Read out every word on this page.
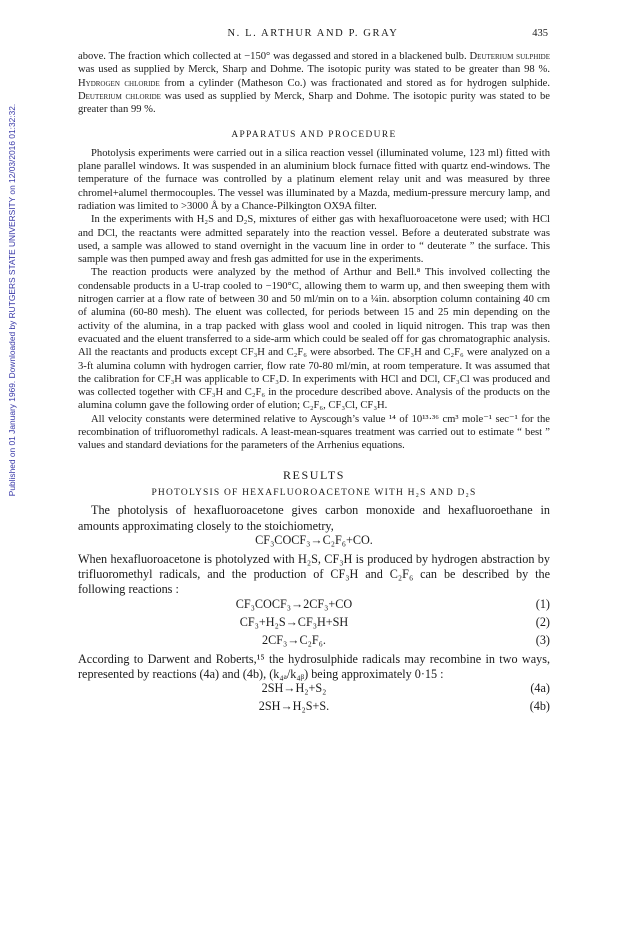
Published on 01 January 1969. Downloaded by RUTGERS STATE UNIVERSITY on 12/03/2016 01:32:32.
N. L. ARTHUR AND P. GRAY	435

above. The fraction which collected at −150° was degassed and stored in a blackened bulb. Deuterium sulphide was used as supplied by Merck, Sharp and Dohme. The isotopic purity was stated to be greater than 98 %. Hydrogen chloride from a cylinder (Matheson Co.) was fractionated and stored as for hydrogen sulphide. Deuterium chloride was used as supplied by Merck, Sharp and Dohme. The isotopic purity was stated to be greater than 99 %.

APPARATUS AND PROCEDURE

Photolysis experiments were carried out in a silica reaction vessel (illuminated volume, 123 ml) fitted with plane parallel windows. It was suspended in an aluminium block furnace fitted with quartz end-windows. The temperature of the furnace was controlled by a platinum element relay unit and was measured by three chromel+alumel thermocouples. The vessel was illuminated by a Mazda, medium-pressure mercury lamp, and radiation was limited to >3000 Å by a Chance-Pilkington OX9A filter.

In the experiments with H₂S and D₂S, mixtures of either gas with hexafluoroacetone were used; with HCl and DCl, the reactants were admitted separately into the reaction vessel. Before a deuterated substrate was used, a sample was allowed to stand overnight in the vacuum line in order to “ deuterate ” the surface. This sample was then pumped away and fresh gas admitted for use in the experiments.

The reaction products were analyzed by the method of Arthur and Bell.⁸ This involved collecting the condensable products in a U-trap cooled to −190°C, allowing them to warm up, and then sweeping them with nitrogen carrier at a flow rate of between 30 and 50 ml/min on to a ¼in. absorption column containing 40 cm of alumina (60-80 mesh). The eluent was collected, for periods between 15 and 25 min depending on the activity of the alumina, in a trap packed with glass wool and cooled in liquid nitrogen. This trap was then evacuated and the eluent transferred to a side-arm which could be sealed off for gas chromatographic analysis. All the reactants and products except CF₃H and C₂F₆ were absorbed. The CF₃H and C₂F₆ were analyzed on a 3-ft alumina column with hydrogen carrier, flow rate 70-80 ml/min, at room temperature. It was assumed that the calibration for CF₃H was applicable to CF₃D. In experiments with HCl and DCl, CF₃Cl was produced and was collected together with CF₃H and C₂F₆ in the procedure described above. Analysis of the products on the alumina column gave the following order of elution; C₂F₆, CF₃Cl, CF₃H.

All velocity constants were determined relative to Ayscough’s value ¹⁴ of 10¹³·³⁶ cm³ mole⁻¹ sec⁻¹ for the recombination of trifluoromethyl radicals. A least-mean-squares treatment was carried out to estimate “ best ” values and standard deviations for the parameters of the Arrhenius equations.

RESULTS

PHOTOLYSIS OF HEXAFLUOROACETONE WITH H₂S AND D₂S

The photolysis of hexafluoroacetone gives carbon monoxide and hexafluoroethane in amounts approximating closely to the stoichiometry,

CF₃COCF₃→C₂F₆+CO.

When hexafluoroacetone is photolyzed with H₂S, CF₃H is produced by hydrogen abstraction by trifluoromethyl radicals, and the production of CF₃H and C₂F₆ can be described by the following reactions :

CF₃COCF₃→2CF₃+CO	(1)
CF₃+H₂S→CF₃H+SH	(2)
2CF₃→C₂F₆.	(3)

According to Darwent and Roberts,¹⁵ the hydrosulphide radicals may recombine in two ways, represented by reactions (4a) and (4b), (k₄ₐ/k₄ᵦ) being approximately 0·15 :

2SH→H₂+S₂	(4a)
2SH→H₂S+S.	(4b)
